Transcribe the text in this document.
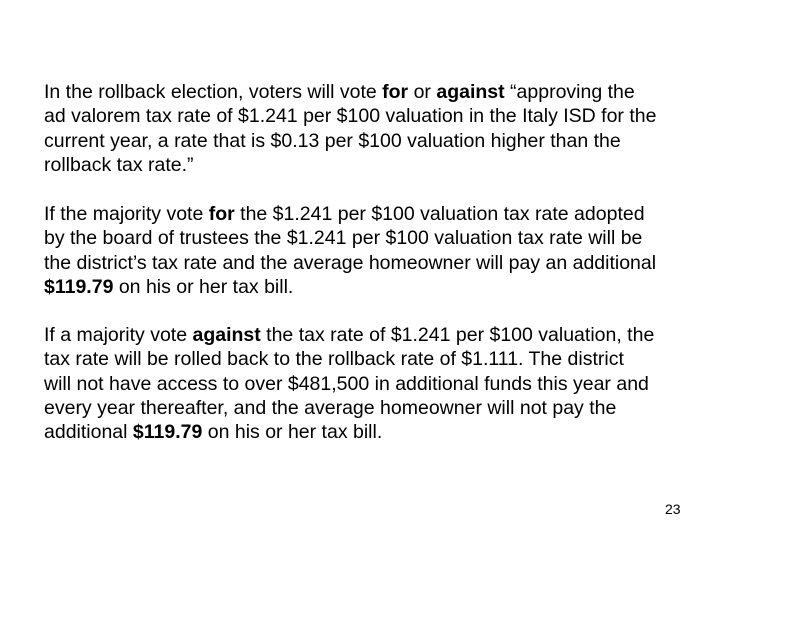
In the rollback election, voters will vote for or against “approving the
ad valorem tax rate of $1.241 per $100 valuation in the Italy ISD for the
current year, a rate that is $0.13 per $100 valuation higher than the
rollback tax rate.”

If the majority vote for the $1.241 per $100 valuation tax rate adopted
by the board of trustees the $1.241 per $100 valuation tax rate will be
the district’s tax rate and the average homeowner will pay an additional
$119.79 on his or her tax bill.

If a majority vote against the tax rate of $1.241 per $100 valuation, the
tax rate will be rolled back to the rollback rate of $1.111. The district
will not have access to over $481,500 in additional funds this year and
every year thereafter, and the average homeowner will not pay the
additional $119.79 on his or her tax bill.

23
